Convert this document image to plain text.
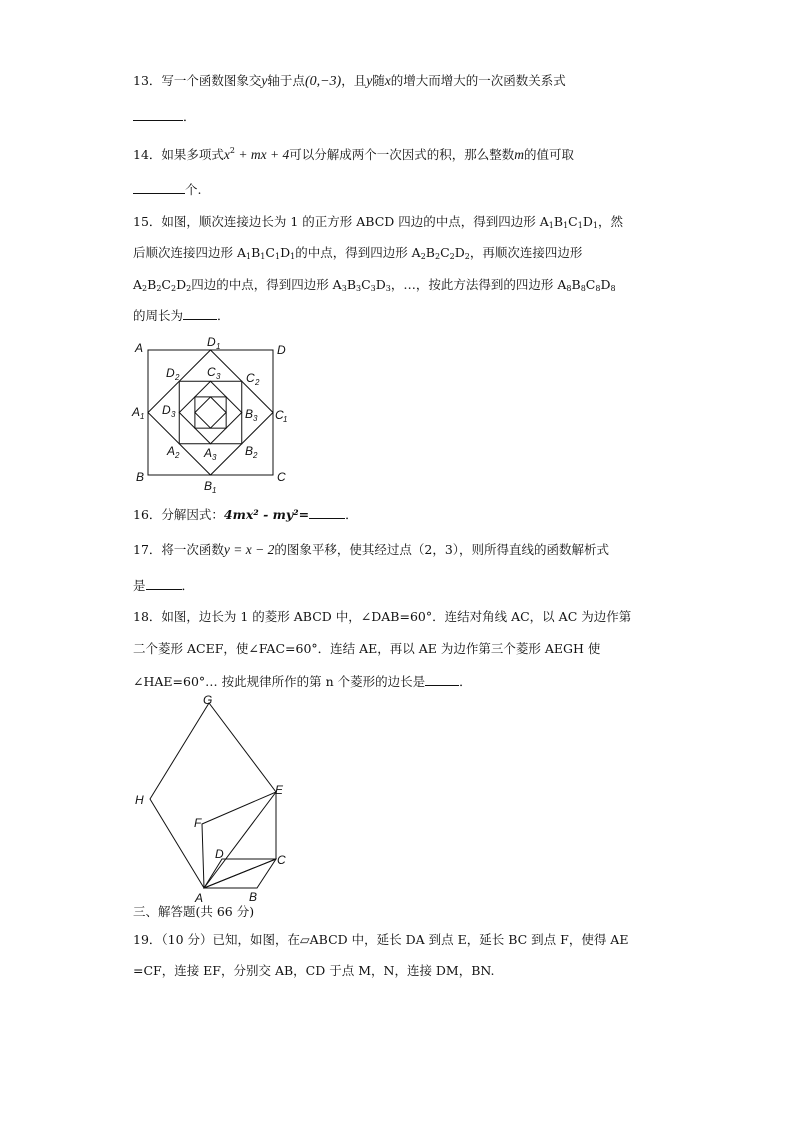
13．写一个函数图象交y轴于点(0,−3)，且y随x的增大而增大的一次函数关系式
．
14．如果多项式$x^2$ + mx + 4可以分解成两个一次因式的积，那么整数m的值可取
个.
15．如图，顺次连接边长为 1 的正方形 ABCD 四边的中点，得到四边形 $A_1B_1C_1D_1$，然
后顺次连接四边形 $A_1B_1C_1D_1$的中点，得到四边形 $A_2B_2C_2D_2$，再顺次连接四边形
$A_2B_2C_2D_2$四边的中点，得到四边形 $A_3B_3C_3D_3$，…，按此方法得到的四边形 $A_8B_8C_8D_8$
的周长为	．
A	D
B	C
D 1
C 1
B 1
A 1
D 2	C 2
B 2
A 2
C 3
D 3	B 3
A 3
16．分解因式：4mx² - my²=	．
17．将一次函数y = x − 2的图象平移，使其经过点（2，3），则所得直线的函数解析式
是	．
18．如图，边长为 1 的菱形 ABCD 中，∠DAB=60°．连结对角线 AC，以 AC 为边作第
二个菱形 ACEF，使∠FAC=60°．连结 AE，再以 AE 为边作第三个菱形 AEGH 使
∠HAE=60°… 按此规律所作的第 n 个菱形的边长是	．
G
H
E
F
D	C
A	B
三、解答题(共 66 分)
19．（10 分）已知，如图，在▱ABCD 中，延长 DA 到点 E，延长 BC 到点 F，使得 AE
=CF，连接 EF，分别交 AB，CD 于点 M，N，连接 DM，BN.
